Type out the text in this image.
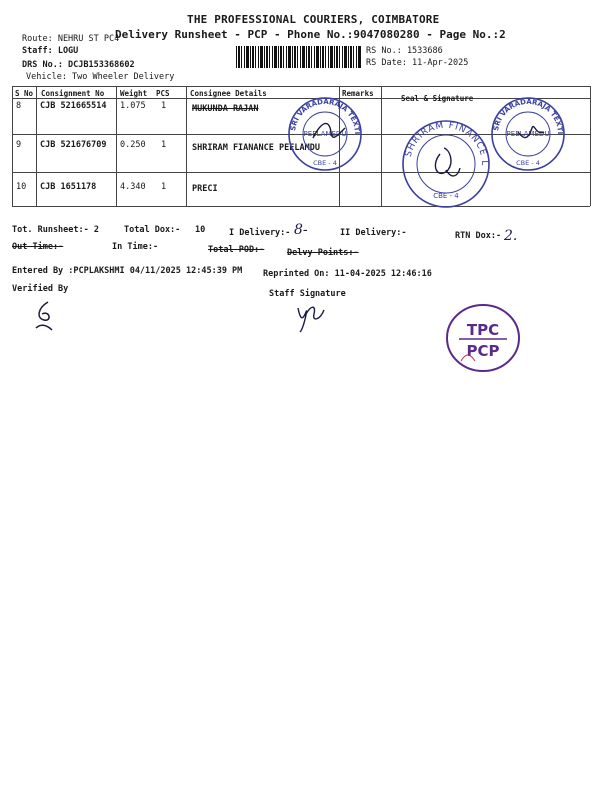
THE PROFESSIONAL COURIERS, COIMBATORE
Delivery Runsheet - PCP - Phone No.:9047080280 - Page No.:2
Route: NEHRU ST PC4
Staff: LOGU
DRS No.: DCJB153368602
Vehicle: Two Wheeler Delivery
RS No.: 1533686
RS Date: 11-Apr-2025
S No Consignment No Weight PCS	Consignee Details	Remarks
Seal & Signature
8 CJB 521665514 1.075 1	MUKUNDA RAJAN
9 CJB 521676709 0.250 1	SHRIRAM FIANANCE PEELAMDU
10 CJB 1651178	4.340 1	PRECI
SRI VARADARAJA TEXTILES (P) LIMITED
CBE - 4
PEELAMEDU
SHRIRAM FINANCE LIMITED
CBE - 4
SRI VARADARAJA TEXTILES (P) LIMITED
CBE - 4
PEELAMEDU
Tot. Runsheet:- 2	Total Dox:- 10	I Delivery:- 8-	II Delivery:-	RTN Dox:- 2.
Out Time:-	In Time:-	Total POD:-	Delvy Points:-
Entered By :PCPLAKSHMI 04/11/2025 12:45:39 PM Reprinted On: 11-04-2025 12:46:16
Verified By	Staff Signature
TPC
PCP
